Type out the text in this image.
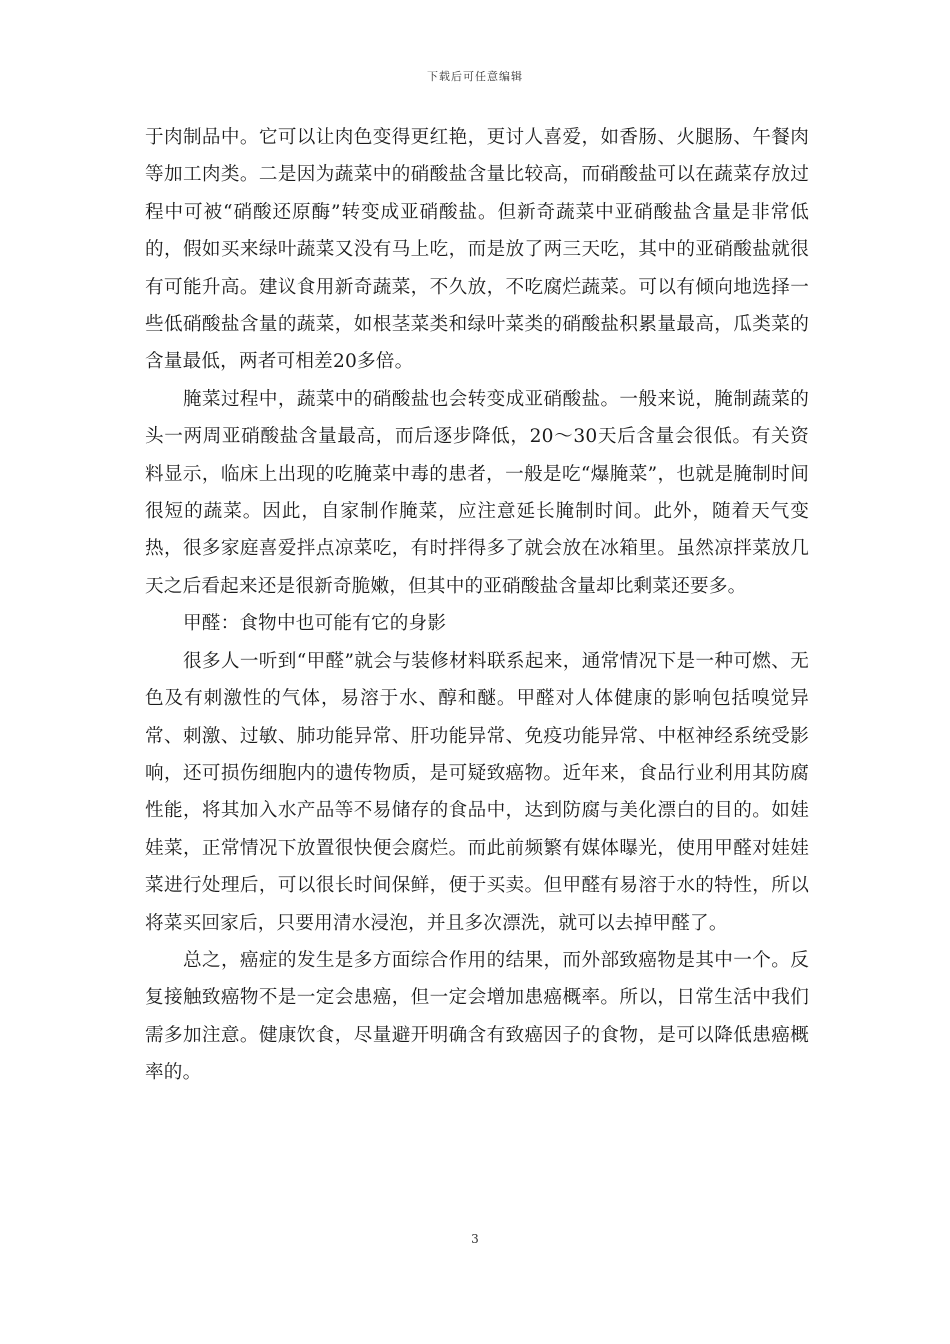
下载后可任意编辑

于肉制品中。它可以让肉色变得更红艳，更讨人喜爱，如香肠、火腿肠、午餐肉等加工肉类。二是因为蔬菜中的硝酸盐含量比较高，而硝酸盐可以在蔬菜存放过程中可被“硝酸还原酶”转变成亚硝酸盐。但新奇蔬菜中亚硝酸盐含量是非常低的，假如买来绿叶蔬菜又没有马上吃，而是放了两三天吃，其中的亚硝酸盐就很有可能升高。建议食用新奇蔬菜，不久放，不吃腐烂蔬菜。可以有倾向地选择一些低硝酸盐含量的蔬菜，如根茎菜类和绿叶菜类的硝酸盐积累量最高，瓜类菜的含量最低，两者可相差20多倍。

腌菜过程中，蔬菜中的硝酸盐也会转变成亚硝酸盐。一般来说，腌制蔬菜的头一两周亚硝酸盐含量最高，而后逐步降低，20～30天后含量会很低。有关资料显示，临床上出现的吃腌菜中毒的患者，一般是吃“爆腌菜”，也就是腌制时间很短的蔬菜。因此，自家制作腌菜，应注意延长腌制时间。此外，随着天气变热，很多家庭喜爱拌点凉菜吃，有时拌得多了就会放在冰箱里。虽然凉拌菜放几天之后看起来还是很新奇脆嫩，但其中的亚硝酸盐含量却比剩菜还要多。

甲醛：食物中也可能有它的身影

很多人一听到“甲醛”就会与装修材料联系起来，通常情况下是一种可燃、无色及有刺激性的气体，易溶于水、醇和醚。甲醛对人体健康的影响包括嗅觉异常、刺激、过敏、肺功能异常、肝功能异常、免疫功能异常、中枢神经系统受影响，还可损伤细胞内的遗传物质，是可疑致癌物。近年来，食品行业利用其防腐性能，将其加入水产品等不易储存的食品中，达到防腐与美化漂白的目的。如娃娃菜，正常情况下放置很快便会腐烂。而此前频繁有媒体曝光，使用甲醛对娃娃菜进行处理后，可以很长时间保鲜，便于买卖。但甲醛有易溶于水的特性，所以将菜买回家后，只要用清水浸泡，并且多次漂洗，就可以去掉甲醛了。

总之，癌症的发生是多方面综合作用的结果，而外部致癌物是其中一个。反复接触致癌物不是一定会患癌，但一定会增加患癌概率。所以，日常生活中我们需多加注意。健康饮食，尽量避开明确含有致癌因子的食物，是可以降低患癌概率的。

3
